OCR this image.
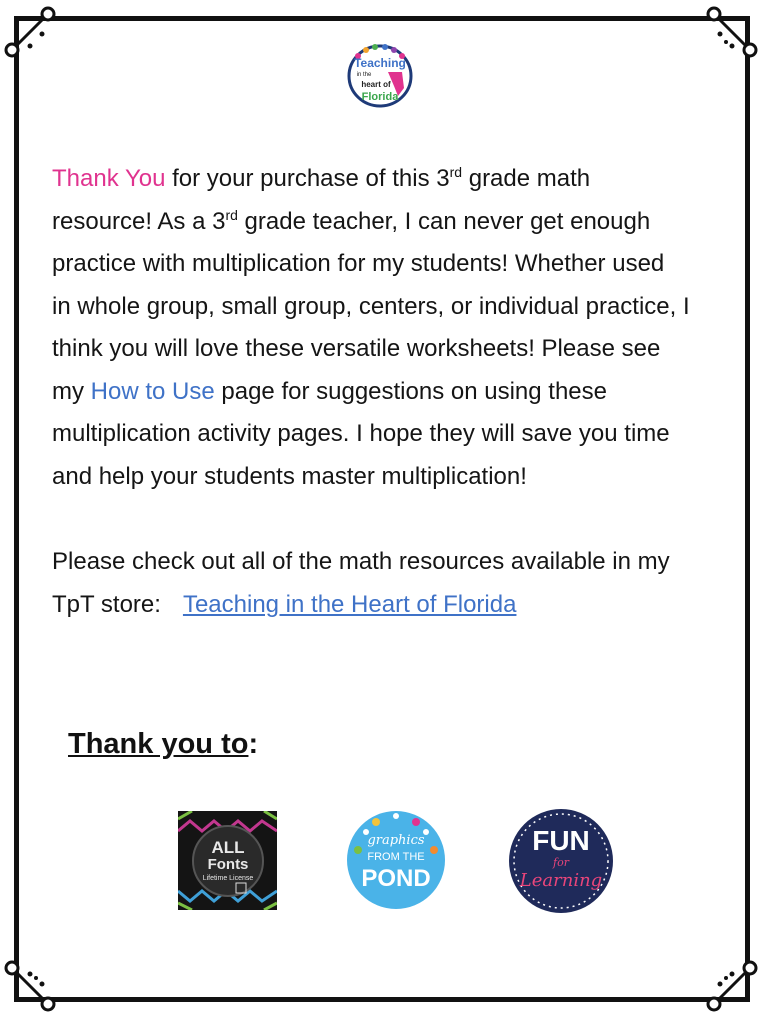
Teaching
in the
heart of
Florida
Thank You for your purchase of this 3rd grade math
resource! As a 3rd grade teacher, I can never get enough
practice with multiplication for my students! Whether used
in whole group, small group, centers, or individual practice, I
think you will love these versatile worksheets! Please see
my How to Use page for suggestions on using these
multiplication activity pages. I hope they will save you time
and help your students master multiplication!
Please check out all of the math resources available in my
TpT store: Teaching in the Heart of Florida
Thank you to:
ALL
Fonts
Lifetime License
graphics
FROM THE
POND
FUN
for
Learning
